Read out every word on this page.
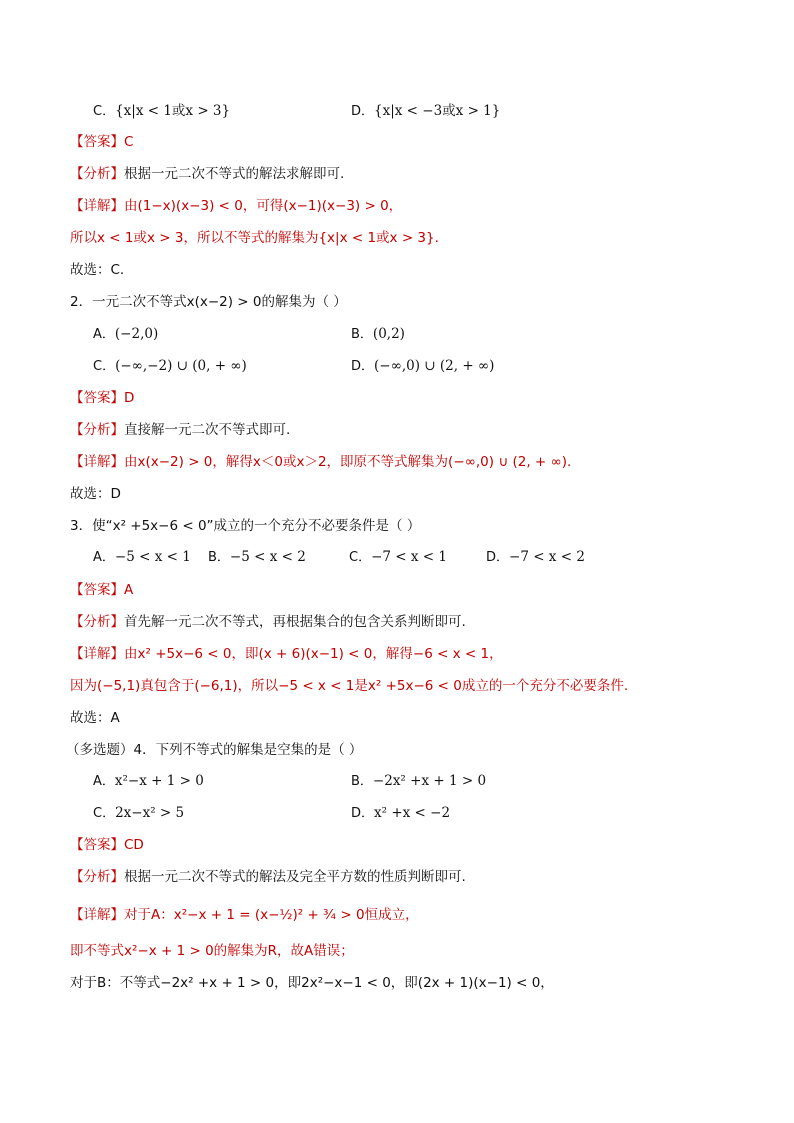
C．{x|x < 1或x > 3}	D．{x|x < −3或x > 1}
【答案】C
【分析】根据一元二次不等式的解法求解即可.
【详解】由(1−x)(x−3) < 0，可得(x−1)(x−3) > 0，
所以x < 1或x > 3，所以不等式的解集为{x|x < 1或x > 3}.
故选：C.
2．一元二次不等式x(x−2) > 0的解集为（ ）
A．(−2,0)	B．(0,2)
C．(−∞,−2) ∪ (0, + ∞)	D．(−∞,0) ∪ (2, + ∞)
【答案】D
【分析】直接解一元二次不等式即可.
【详解】由x(x−2) > 0，解得x＜0或x＞2，即原不等式解集为(−∞,0) ∪ (2, + ∞).
故选：D
3．使“x² +5x−6 < 0”成立的一个充分不必要条件是（ ）
A．−5 < x < 1 B．−5 < x < 2	C．−7 < x < 1	D．−7 < x < 2
【答案】A
【分析】首先解一元二次不等式，再根据集合的包含关系判断即可.
【详解】由x² +5x−6 < 0，即(x + 6)(x−1) < 0，解得−6 < x < 1，
因为(−5,1)真包含于(−6,1)，所以−5 < x < 1是x² +5x−6 < 0成立的一个充分不必要条件.
故选：A
（多选题）4．下列不等式的解集是空集的是（ ）
A．x²−x + 1 > 0	B．−2x² +x + 1 > 0
C．2x−x² > 5	D．x² +x < −2
【答案】CD
【分析】根据一元二次不等式的解法及完全平方数的性质判断即可.
【详解】对于A：x²−x + 1 = (x−½)² + ¾ > 0恒成立，
即不等式x²−x + 1 > 0的解集为R，故A错误；
对于B：不等式−2x² +x + 1 > 0，即2x²−x−1 < 0，即(2x + 1)(x−1) < 0，
